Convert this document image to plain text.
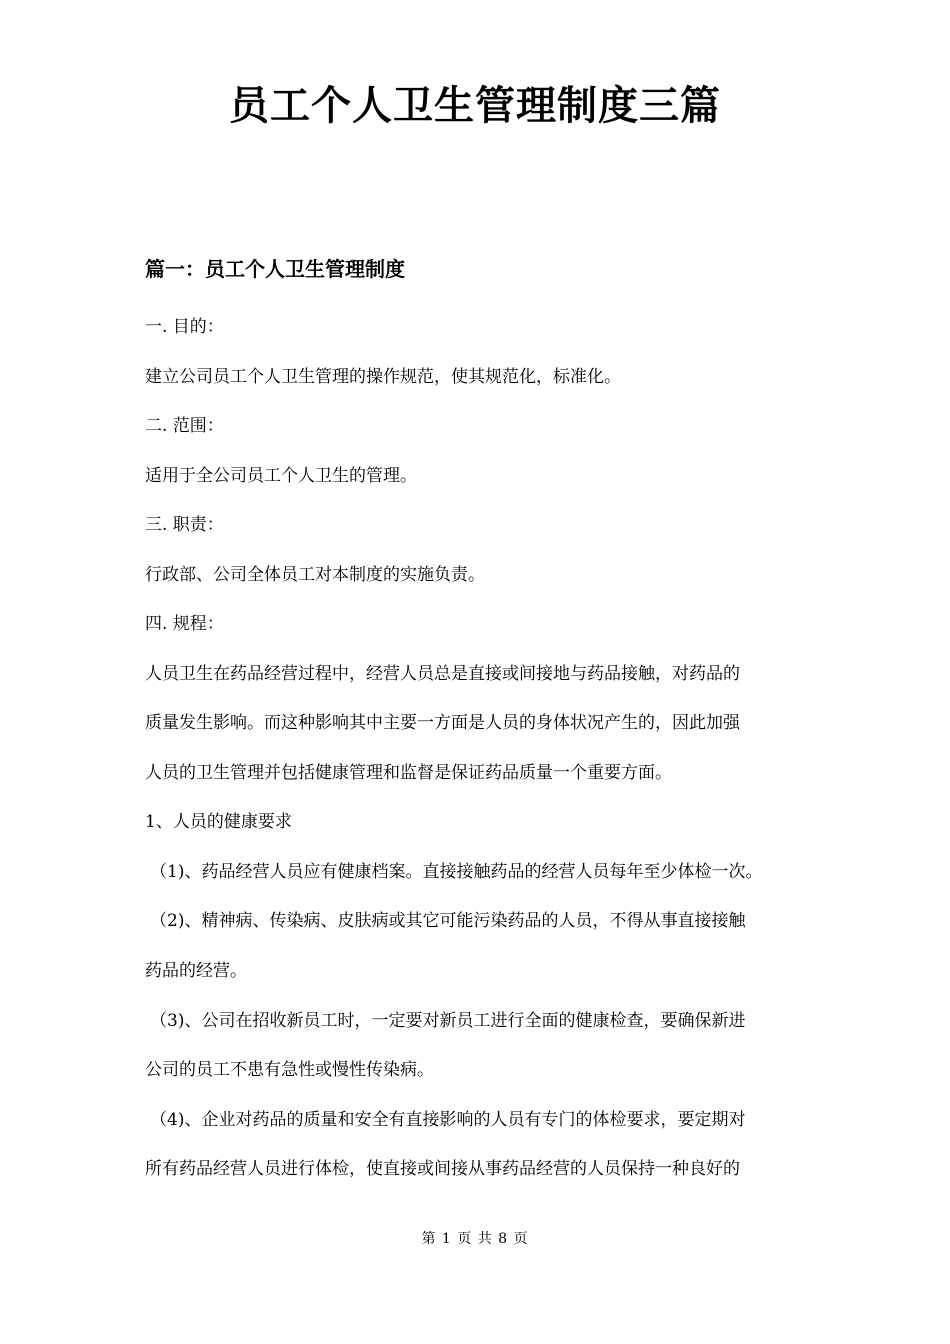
员工个人卫生管理制度三篇
篇一：员工个人卫生管理制度
一. 目的：
建立公司员工个人卫生管理的操作规范，使其规范化，标准化。
二. 范围：
适用于全公司员工个人卫生的管理。
三. 职责：
行政部、公司全体员工对本制度的实施负责。
四. 规程：
人员卫生在药品经营过程中，经营人员总是直接或间接地与药品接触，对药品的
质量发生影响。而这种影响其中主要一方面是人员的身体状况产生的，因此加强
人员的卫生管理并包括健康管理和监督是保证药品质量一个重要方面。
1、人员的健康要求
（1)、药品经营人员应有健康档案。直接接触药品的经营人员每年至少体检一次。
（2)、精神病、传染病、皮肤病或其它可能污染药品的人员，不得从事直接接触
药品的经营。
（3)、公司在招收新员工时，一定要对新员工进行全面的健康检查，要确保新进
公司的员工不患有急性或慢性传染病。
（4)、企业对药品的质量和安全有直接影响的人员有专门的体检要求，要定期对
所有药品经营人员进行体检，使直接或间接从事药品经营的人员保持一种良好的
第 1 页 共 8 页
